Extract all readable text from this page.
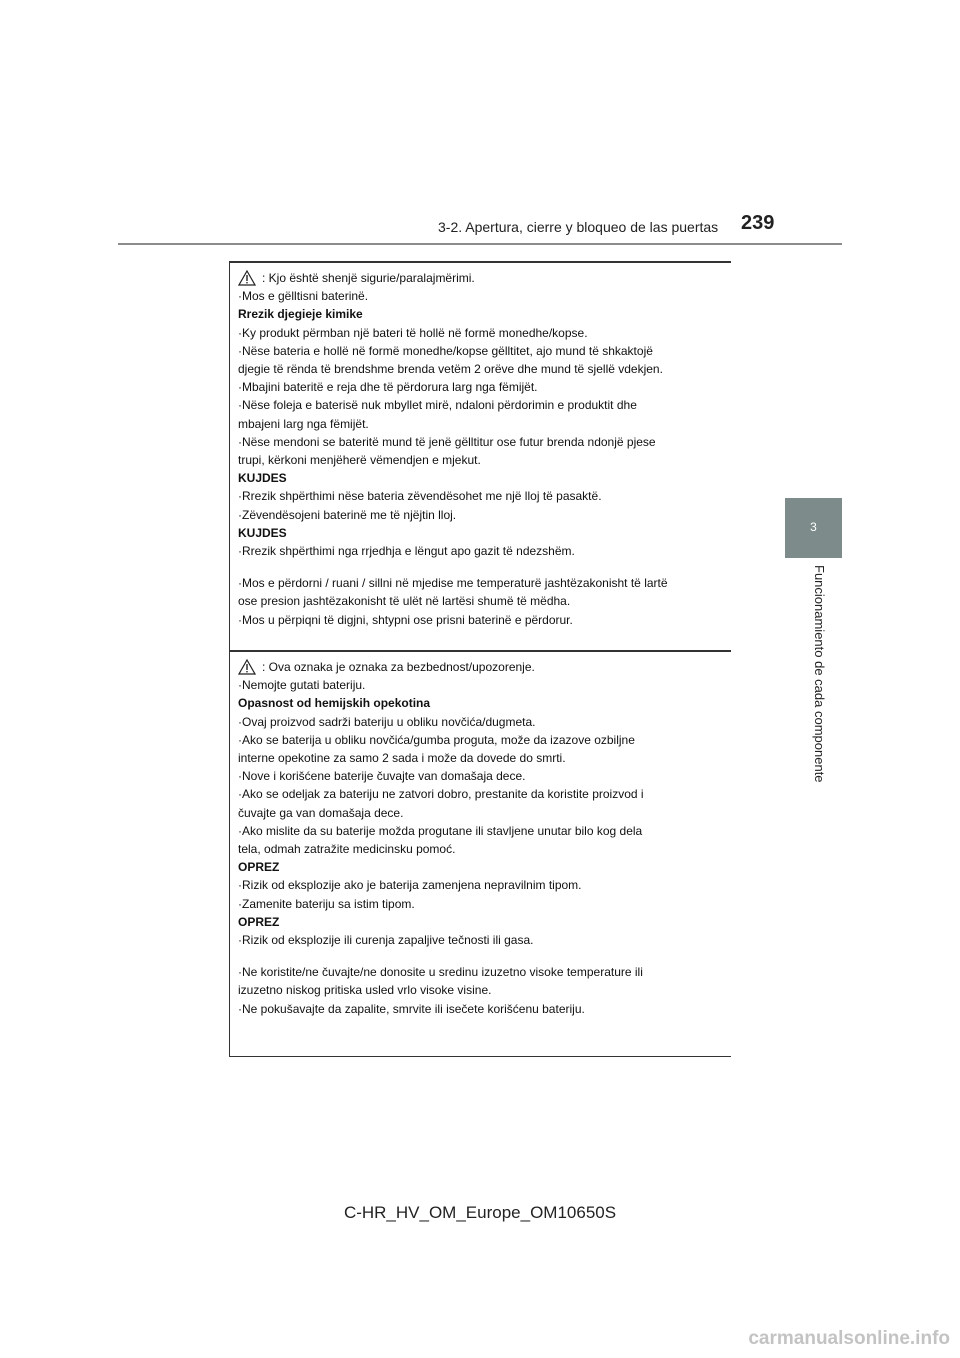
3-2. Apertura, cierre y bloqueo de las puertas 239
3
Funcionamiento de cada componente

: Kjo është shenjë sigurie/paralajmërimi.

·Mos e gëlltisni baterinë.

Rrezik djegieje kimike

·Ky produkt përmban një bateri të hollë në formë monedhe/kopse.

·Nëse bateria e hollë në formë monedhe/kopse gëlltitet, ajo mund të shkaktojë

djegie të rënda të brendshme brenda vetëm 2 orëve dhe mund të sjellë vdekjen.

·Mbajini bateritë e reja dhe të përdorura larg nga fëmijët.

·Nëse foleja e baterisë nuk mbyllet mirë, ndaloni përdorimin e produktit dhe

mbajeni larg nga fëmijët.

·Nëse mendoni se bateritë mund të jenë gëlltitur ose futur brenda ndonjë pjese

trupi, kërkoni menjëherë vëmendjen e mjekut.

KUJDES

·Rrezik shpërthimi nëse bateria zëvendësohet me një lloj të pasaktë.

·Zëvendësojeni baterinë me të njëjtin lloj.

KUJDES

·Rrezik shpërthimi nga rrjedhja e lëngut apo gazit të ndezshëm.

·Mos e përdorni / ruani / sillni në mjedise me temperaturë jashtëzakonisht të lartë

ose presion jashtëzakonisht të ulët në lartësi shumë të mëdha.

·Mos u përpiqni të digjni, shtypni ose prisni baterinë e përdorur.

: Ova oznaka je oznaka za bezbednost/upozorenje.

·Nemojte gutati bateriju.

Opasnost od hemijskih opekotina

·Ovaj proizvod sadrži bateriju u obliku novčića/dugmeta.

·Ako se baterija u obliku novčića/gumba proguta, može da izazove ozbiljne

interne opekotine za samo 2 sada i može da dovede do smrti.

·Nove i korišćene baterije čuvajte van domašaja dece.

·Ako se odeljak za bateriju ne zatvori dobro, prestanite da koristite proizvod i

čuvajte ga van domašaja dece.

·Ako mislite da su baterije možda progutane ili stavljene unutar bilo kog dela

tela, odmah zatražite medicinsku pomoć.

OPREZ

·Rizik od eksplozije ako je baterija zamenjena nepravilnim tipom.

·Zamenite bateriju sa istim tipom.

OPREZ

·Rizik od eksplozije ili curenja zapaljive tečnosti ili gasa.

·Ne koristite/ne čuvajte/ne donosite u sredinu izuzetno visoke temperature ili

izuzetno niskog pritiska usled vrlo visoke visine.

·Ne pokušavajte da zapalite, smrvite ili isečete korišćenu bateriju.

C-HR_HV_OM_Europe_OM10650S
carmanualsonline.info
